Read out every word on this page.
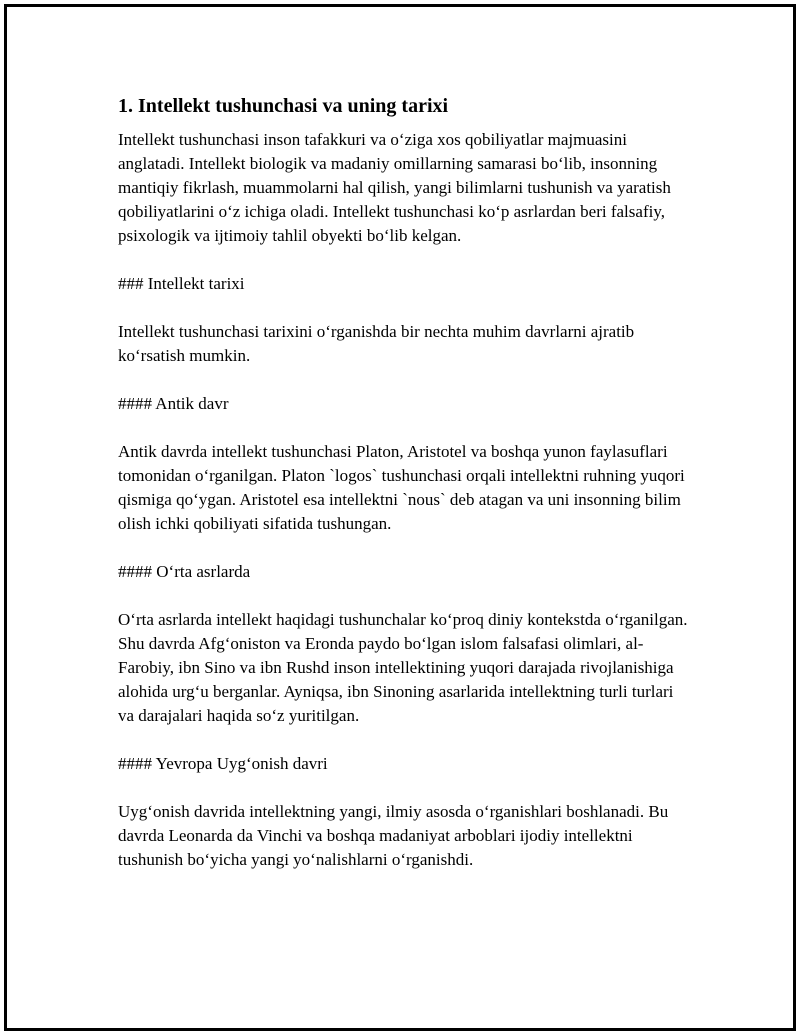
1. Intellekt tushunchasi va uning tarixi

Intellekt tushunchasi inson tafakkuri va o‘ziga xos qobiliyatlar majmuasini anglatadi. Intellekt biologik va madaniy omillarning samarasi bo‘lib, insonning mantiqiy fikrlash, muammolarni hal qilish, yangi bilimlarni tushunish va yaratish qobiliyatlarini o‘z ichiga oladi. Intellekt tushunchasi ko‘p asrlardan beri falsafiy, psixologik va ijtimoiy tahlil obyekti bo‘lib kelgan.

### Intellekt tarixi

Intellekt tushunchasi tarixini o‘rganishda bir nechta muhim davrlarni ajratib ko‘rsatish mumkin.

#### Antik davr

Antik davrda intellekt tushunchasi Platon, Aristotel va boshqa yunon faylasuflari tomonidan o‘rganilgan. Platon `logos` tushunchasi orqali intellektni ruhning yuqori qismiga qo‘ygan. Aristotel esa intellektni `nous` deb atagan va uni insonning bilim olish ichki qobiliyati sifatida tushungan.

#### O‘rta asrlarda

O‘rta asrlarda intellekt haqidagi tushunchalar ko‘proq diniy kontekstda o‘rganilgan. Shu davrda Afg‘oniston va Eronda paydo bo‘lgan islom falsafasi olimlari, al-Farobiy, ibn Sino va ibn Rushd inson intellektining yuqori darajada rivojlanishiga alohida urg‘u berganlar. Ayniqsa, ibn Sinoning asarlarida intellektning turli turlari va darajalari haqida so‘z yuritilgan.

#### Yevropa Uyg‘onish davri

Uyg‘onish davrida intellektning yangi, ilmiy asosda o‘rganishlari boshlanadi. Bu davrda Leonarda da Vinchi va boshqa madaniyat arboblari ijodiy intellektni tushunish bo‘yicha yangi yo‘nalishlarni o‘rganishdi.
